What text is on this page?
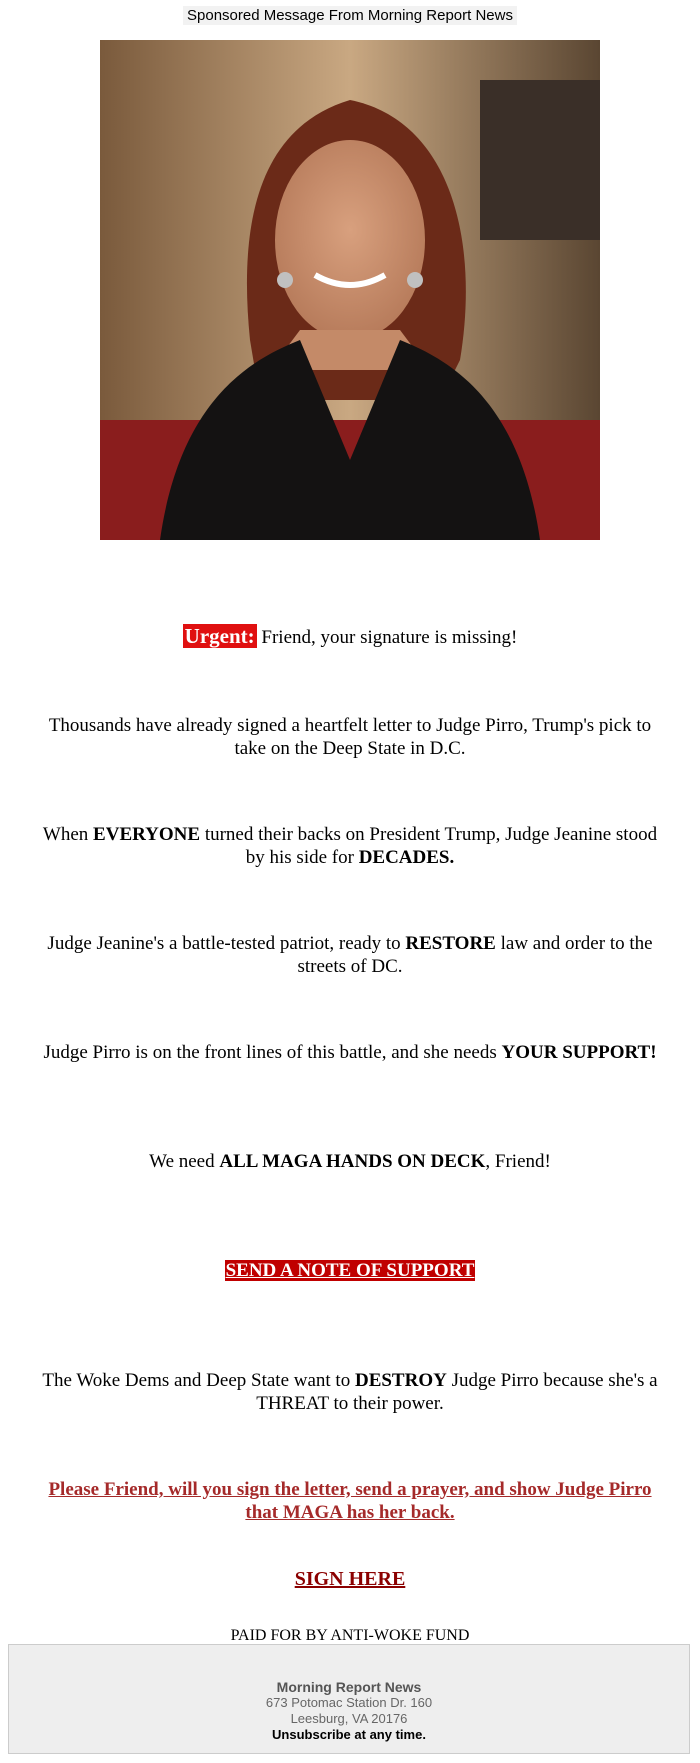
Sponsored Message From Morning Report News
Urgent: Friend, your signature is missing!
Thousands have already signed a heartfelt letter to Judge Pirro, Trump's pick to take on the Deep State in D.C.
When EVERYONE turned their backs on President Trump, Judge Jeanine stood by his side for DECADES.
Judge Jeanine's a battle-tested patriot, ready to RESTORE law and order to the streets of DC.
Judge Pirro is on the front lines of this battle, and she needs YOUR SUPPORT!
We need ALL MAGA HANDS ON DECK, Friend!
SEND A NOTE OF SUPPORT
The Woke Dems and Deep State want to DESTROY Judge Pirro because she's a THREAT to their power.
Please Friend, will you sign the letter, send a prayer, and show Judge Pirro that MAGA has her back.
SIGN HERE
PAID FOR BY ANTI-WOKE FUND
Morning Report News
673 Potomac Station Dr. 160
Leesburg, VA 20176
Unsubscribe at any time.
